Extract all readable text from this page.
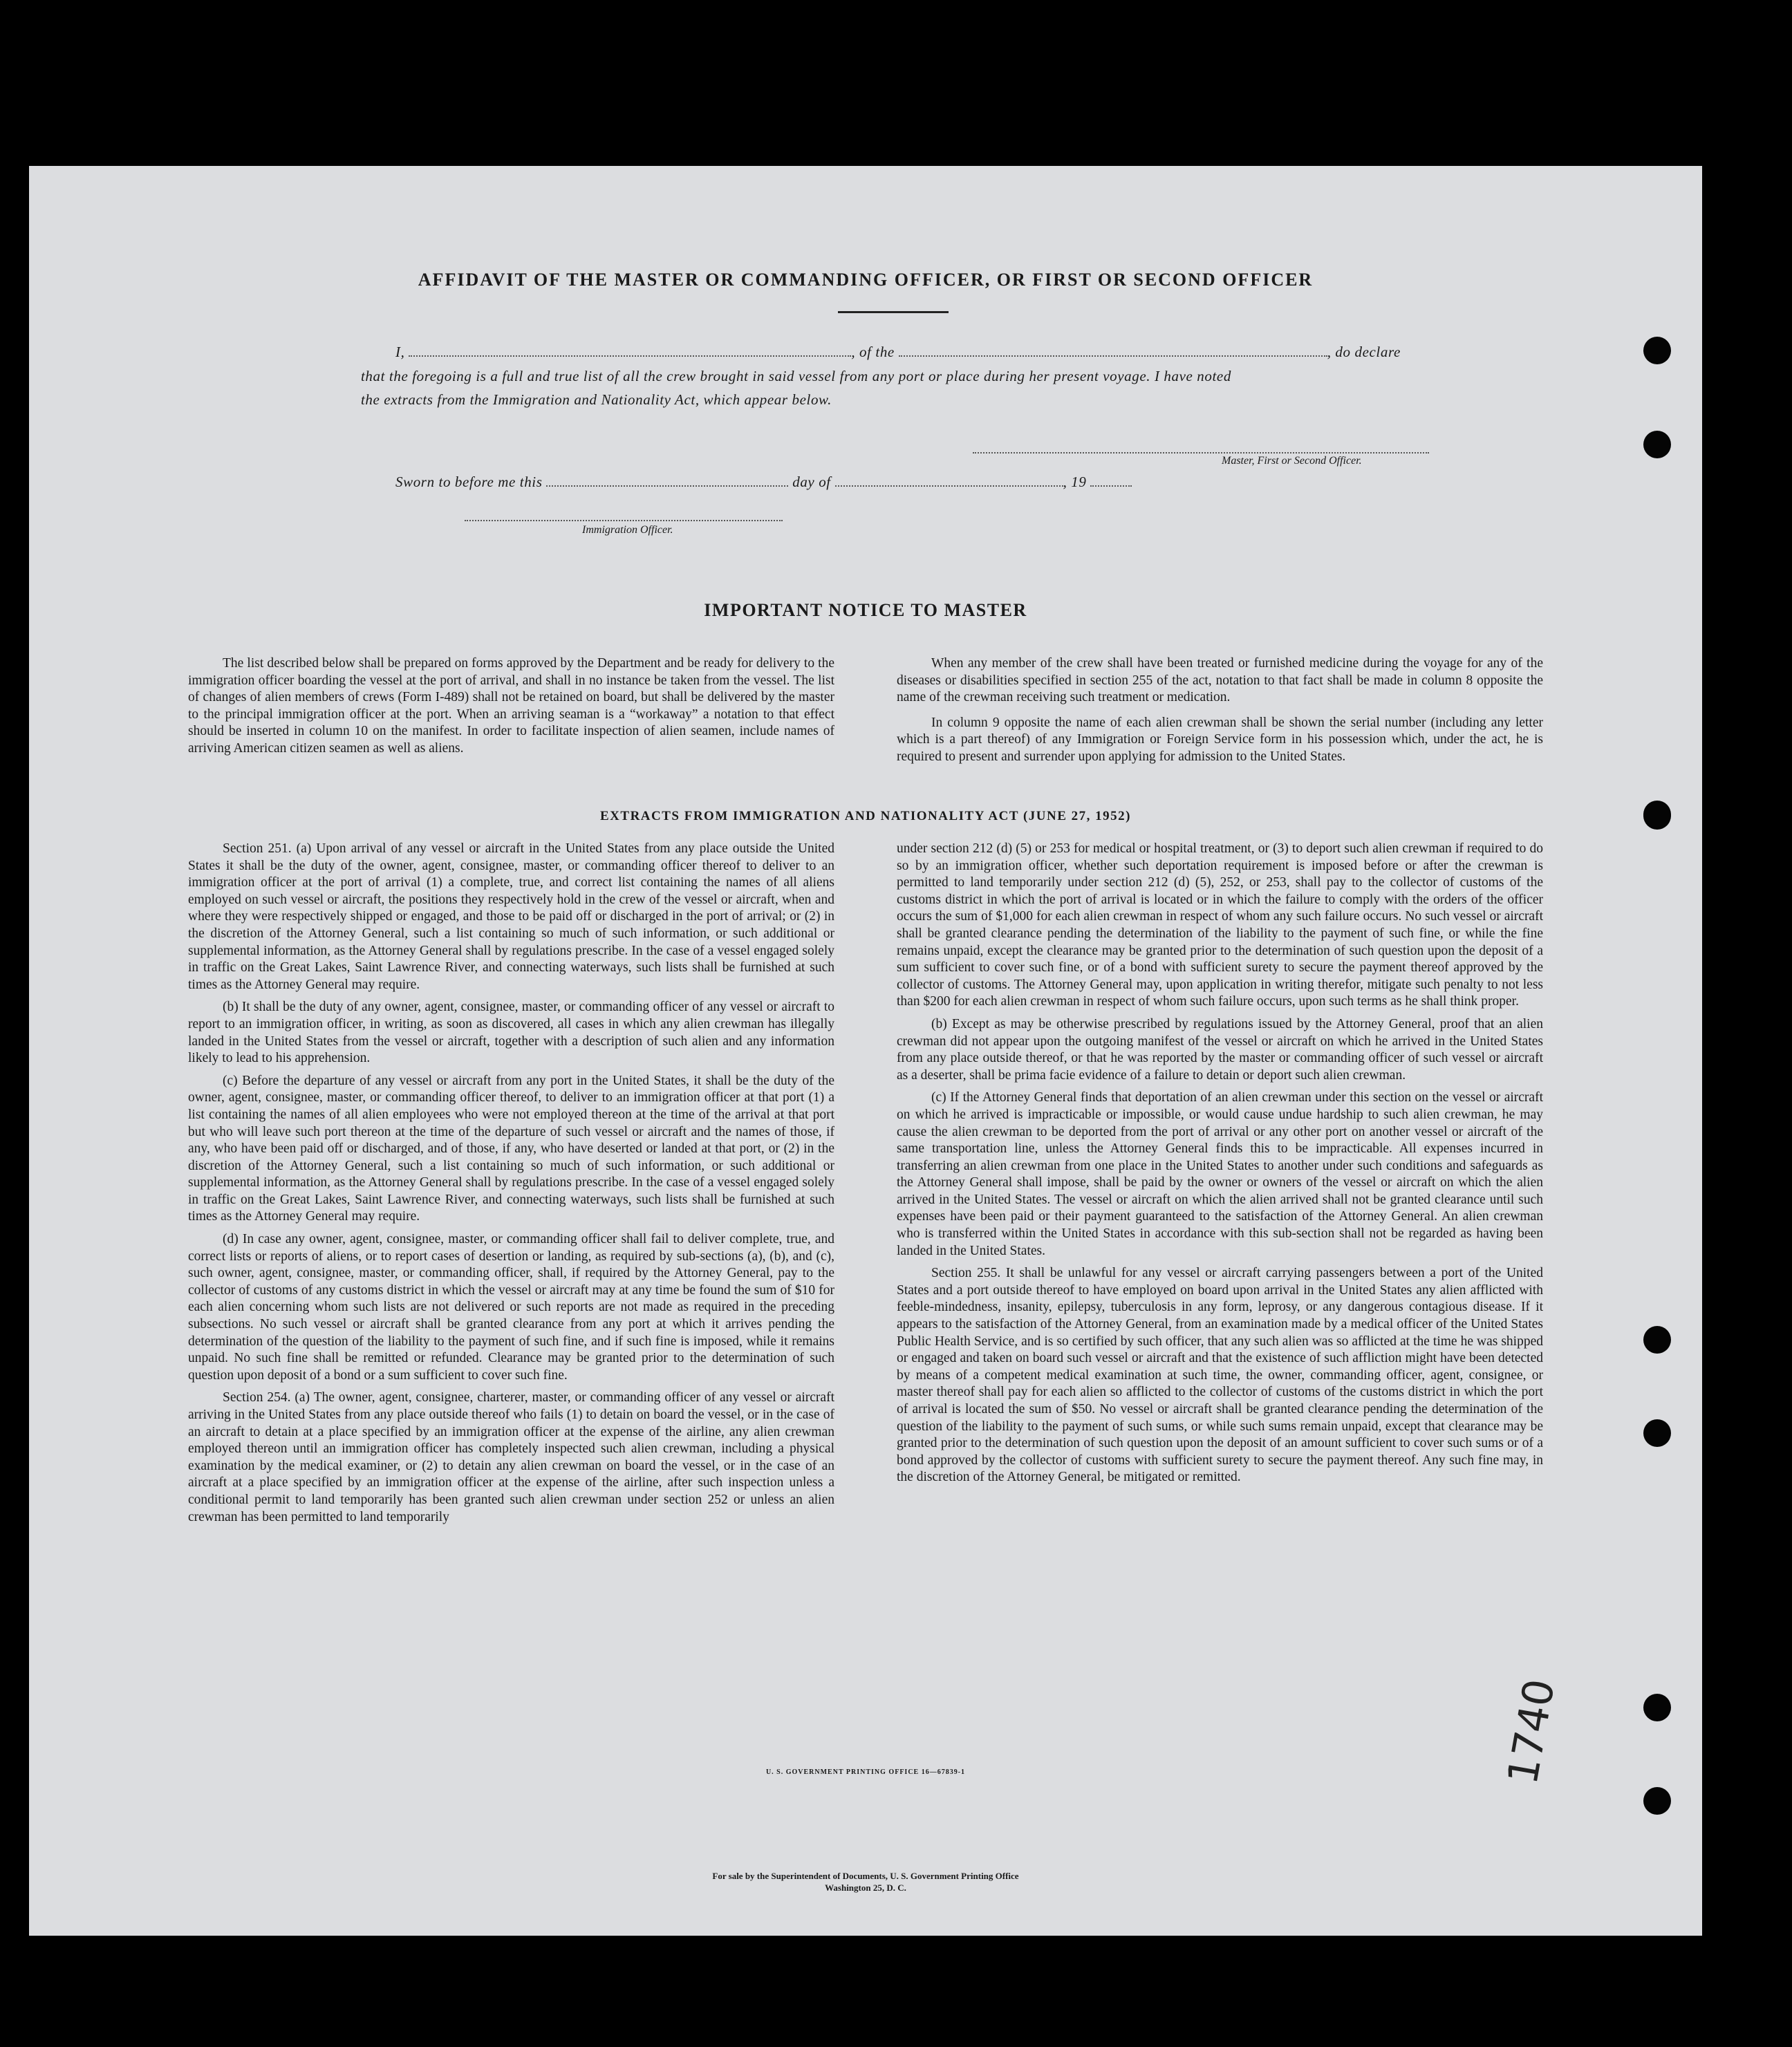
1740
AFFIDAVIT OF THE MASTER OR COMMANDING OFFICER, OR FIRST OR SECOND OFFICER
I,	, of the	, do declare
that the foregoing is a full and true list of all the crew brought in said vessel from any port or place during her present voyage. I have noted
the extracts from the Immigration and Nationality Act, which appear below.
Master, First or Second Officer.
Sworn to before me this	day of	, 19
Immigration Officer.
IMPORTANT NOTICE TO MASTER

The list described below shall be prepared on forms approved by the Department and be ready for delivery to the immigration officer boarding the vessel at the port of arrival, and shall in no instance be taken from the vessel. The list of changes of alien members of crews (Form I-489) shall not be retained on board, but shall be delivered by the master to the principal immigration officer at the port. When an arriving seaman is a “workaway” a notation to that effect should be inserted in column 10 on the manifest. In order to facilitate inspection of alien seamen, include names of arriving American citizen seamen as well as aliens.

When any member of the crew shall have been treated or furnished medicine during the voyage for any of the diseases or disabilities specified in section 255 of the act, notation to that fact shall be made in column 8 opposite the name of the crewman receiving such treatment or medication.

In column 9 opposite the name of each alien crewman shall be shown the serial number (including any letter which is a part thereof) of any Immigration or Foreign Service form in his possession which, under the act, he is required to present and surrender upon applying for admission to the United States.

EXTRACTS FROM IMMIGRATION AND NATIONALITY ACT (JUNE 27, 1952)

Section 251. (a) Upon arrival of any vessel or aircraft in the United States from any place outside the United States it shall be the duty of the owner, agent, consignee, master, or commanding officer thereof to deliver to an immigration officer at the port of arrival (1) a complete, true, and correct list containing the names of all aliens employed on such vessel or aircraft, the positions they respectively hold in the crew of the vessel or aircraft, when and where they were respectively shipped or engaged, and those to be paid off or discharged in the port of arrival; or (2) in the discretion of the Attorney General, such a list containing so much of such information, or such additional or supplemental information, as the Attorney General shall by regulations prescribe. In the case of a vessel engaged solely in traffic on the Great Lakes, Saint Lawrence River, and connecting waterways, such lists shall be furnished at such times as the Attorney General may require.

(b) It shall be the duty of any owner, agent, consignee, master, or commanding officer of any vessel or aircraft to report to an immigration officer, in writing, as soon as discovered, all cases in which any alien crewman has illegally landed in the United States from the vessel or aircraft, together with a description of such alien and any information likely to lead to his apprehension.

(c) Before the departure of any vessel or aircraft from any port in the United States, it shall be the duty of the owner, agent, consignee, master, or commanding officer thereof, to deliver to an immigration officer at that port (1) a list containing the names of all alien employees who were not employed thereon at the time of the arrival at that port but who will leave such port thereon at the time of the departure of such vessel or aircraft and the names of those, if any, who have been paid off or discharged, and of those, if any, who have deserted or landed at that port, or (2) in the discretion of the Attorney General, such a list containing so much of such information, or such additional or supplemental information, as the Attorney General shall by regulations prescribe. In the case of a vessel engaged solely in traffic on the Great Lakes, Saint Lawrence River, and connecting waterways, such lists shall be furnished at such times as the Attorney General may require.

(d) In case any owner, agent, consignee, master, or commanding officer shall fail to deliver complete, true, and correct lists or reports of aliens, or to report cases of desertion or landing, as required by sub-sections (a), (b), and (c), such owner, agent, consignee, master, or commanding officer, shall, if required by the Attorney General, pay to the collector of customs of any customs district in which the vessel or aircraft may at any time be found the sum of $10 for each alien concerning whom such lists are not delivered or such reports are not made as required in the preceding subsections. No such vessel or aircraft shall be granted clearance from any port at which it arrives pending the determination of the question of the liability to the payment of such fine, and if such fine is imposed, while it remains unpaid. No such fine shall be remitted or refunded. Clearance may be granted prior to the determination of such question upon deposit of a bond or a sum sufficient to cover such fine.

Section 254. (a) The owner, agent, consignee, charterer, master, or commanding officer of any vessel or aircraft arriving in the United States from any place outside thereof who fails (1) to detain on board the vessel, or in the case of an aircraft to detain at a place specified by an immigration officer at the expense of the airline, any alien crewman employed thereon until an immigration officer has completely inspected such alien crewman, including a physical examination by the medical examiner, or (2) to detain any alien crewman on board the vessel, or in the case of an aircraft at a place specified by an immigration officer at the expense of the airline, after such inspection unless a conditional permit to land temporarily has been granted such alien crewman under section 252 or unless an alien crewman has been permitted to land temporarily

under section 212 (d) (5) or 253 for medical or hospital treatment, or (3) to deport such alien crewman if required to do so by an immigration officer, whether such deportation requirement is imposed before or after the crewman is permitted to land temporarily under section 212 (d) (5), 252, or 253, shall pay to the collector of customs of the customs district in which the port of arrival is located or in which the failure to comply with the orders of the officer occurs the sum of $1,000 for each alien crewman in respect of whom any such failure occurs. No such vessel or aircraft shall be granted clearance pending the determination of the liability to the payment of such fine, or while the fine remains unpaid, except the clearance may be granted prior to the determination of such question upon the deposit of a sum sufficient to cover such fine, or of a bond with sufficient surety to secure the payment thereof approved by the collector of customs. The Attorney General may, upon application in writing therefor, mitigate such penalty to not less than $200 for each alien crewman in respect of whom such failure occurs, upon such terms as he shall think proper.

(b) Except as may be otherwise prescribed by regulations issued by the Attorney General, proof that an alien crewman did not appear upon the outgoing manifest of the vessel or aircraft on which he arrived in the United States from any place outside thereof, or that he was reported by the master or commanding officer of such vessel or aircraft as a deserter, shall be prima facie evidence of a failure to detain or deport such alien crewman.

(c) If the Attorney General finds that deportation of an alien crewman under this section on the vessel or aircraft on which he arrived is impracticable or impossible, or would cause undue hardship to such alien crewman, he may cause the alien crewman to be deported from the port of arrival or any other port on another vessel or aircraft of the same transportation line, unless the Attorney General finds this to be impracticable. All expenses incurred in transferring an alien crewman from one place in the United States to another under such conditions and safeguards as the Attorney General shall impose, shall be paid by the owner or owners of the vessel or aircraft on which the alien arrived in the United States. The vessel or aircraft on which the alien arrived shall not be granted clearance until such expenses have been paid or their payment guaranteed to the satisfaction of the Attorney General. An alien crewman who is transferred within the United States in accordance with this sub-section shall not be regarded as having been landed in the United States.

Section 255. It shall be unlawful for any vessel or aircraft carrying passengers between a port of the United States and a port outside thereof to have employed on board upon arrival in the United States any alien afflicted with feeble-mindedness, insanity, epilepsy, tuberculosis in any form, leprosy, or any dangerous contagious disease. If it appears to the satisfaction of the Attorney General, from an examination made by a medical officer of the United States Public Health Service, and is so certified by such officer, that any such alien was so afflicted at the time he was shipped or engaged and taken on board such vessel or aircraft and that the existence of such affliction might have been detected by means of a competent medical examination at such time, the owner, commanding officer, agent, consignee, or master thereof shall pay for each alien so afflicted to the collector of customs of the customs district in which the port of arrival is located the sum of $50. No vessel or aircraft shall be granted clearance pending the determination of the question of the liability to the payment of such sums, or while such sums remain unpaid, except that clearance may be granted prior to the determination of such question upon the deposit of an amount sufficient to cover such sums or of a bond approved by the collector of customs with sufficient surety to secure the payment thereof. Any such fine may, in the discretion of the Attorney General, be mitigated or remitted.

U. S. GOVERNMENT PRINTING OFFICE 16—67839-1
For sale by the Superintendent of Documents, U. S. Government Printing Office
Washington 25, D. C.
